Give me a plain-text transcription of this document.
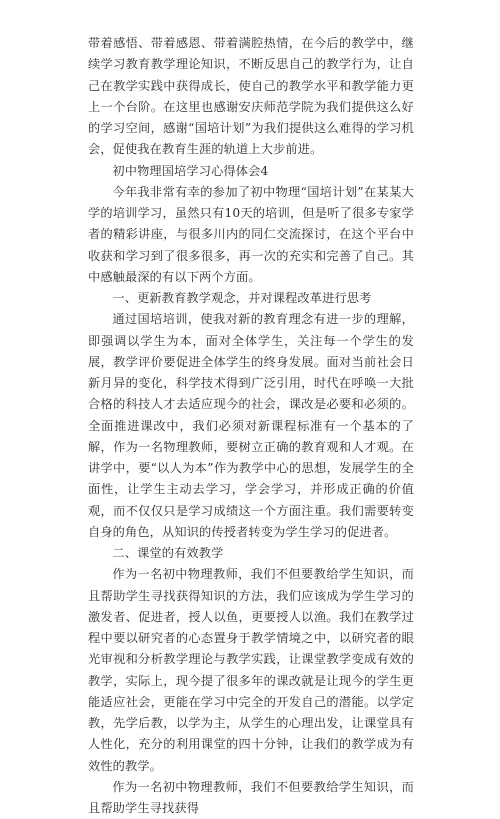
带着感悟、带着感恩、带着满腔热情，在今后的教学中，继续学习教育教学理论知识，不断反思自己的教学行为，让自己在教学实践中获得成长，使自己的教学水平和教学能力更上一个台阶。在这里也感谢安庆师范学院为我们提供这么好的学习空间，感谢“国培计划”为我们提供这么难得的学习机会，促使我在教育生涯的轨道上大步前进。

初中物理国培学习心得体会4

今年我非常有幸的参加了初中物理“国培计划”在某某大学的培训学习，虽然只有10天的培训，但是听了很多专家学者的精彩讲座，与很多川内的同仁交流探讨，在这个平台中收获和学习到了很多很多，再一次的充实和完善了自己。其中感触最深的有以下两个方面。

一、更新教育教学观念，并对课程改革进行思考

通过国培培训，使我对新的教育理念有进一步的理解，即强调以学生为本，面对全体学生，关注每一个学生的发展，教学评价要促进全体学生的终身发展。面对当前社会日新月异的变化，科学技术得到广泛引用，时代在呼唤一大批合格的科技人才去适应现今的社会，课改是必要和必须的。全面推进课改中，我们必须对新课程标准有一个基本的了解，作为一名物理教师，要树立正确的教育观和人才观。在讲学中，要“以人为本”作为教学中心的思想，发展学生的全面性，让学生主动去学习，学会学习，并形成正确的价值观，而不仅仅只是学习成绩这一个方面注重。我们需要转变自身的角色，从知识的传授者转变为学生学习的促进者。

二、课堂的有效教学

作为一名初中物理教师，我们不但要教给学生知识，而且帮助学生寻找获得知识的方法，我们应该成为学生学习的激发者、促进者，授人以鱼，更要授人以渔。我们在教学过程中要以研究者的心态置身于教学情境之中，以研究者的眼光审视和分析教学理论与教学实践，让课堂教学变成有效的教学，实际上，现今提了很多年的课改就是让现今的学生更能适应社会，更能在学习中完全的开发自己的潜能。以学定教，先学后教，以学为主，从学生的心理出发，让课堂具有人性化，充分的利用课堂的四十分钟，让我们的教学成为有效性的教学。

作为一名初中物理教师，我们不但要教给学生知识，而且帮助学生寻找获得
